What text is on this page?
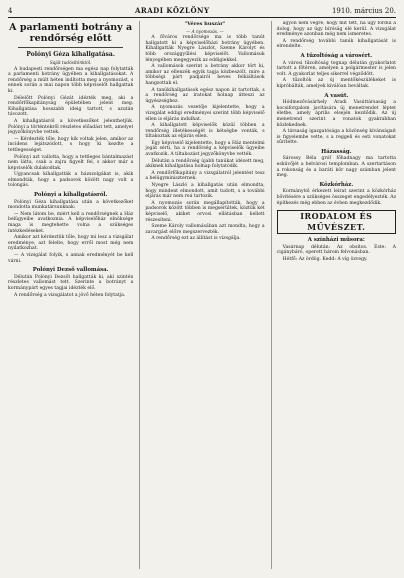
4	ARADI KÖZLÖNY	1910. március 20.
A parlamenti botrány a rendőrség előtt
Polónyi Géza kihallgatása.
Saját tudósítónktól.

A budapesti rendőrségen ma egész nap folytatták a parlamenti botrány ügyében a kihallgatásokat. A rendőrség a múlt héten indította meg a nyomozást, s ennek során a mai napon több képviselőt hallgattak ki.

Délelőtt Polónyi Gézát idézték meg, aki a rendőrfőkapitányság épületében jelent meg. Kihallgatása hosszabb ideig tartott, s azután távozott.

A kihallgatásról a következőket jelenthetjük. Polónyi a történtekről részletes előadást tett, amelyet jegyzőkönyvbe vettek.

— Kérdezték tőle, hogy kik voltak jelen, amikor az incidens lejátszódott, s hogy ki kezdte a tettlegességet.

Polónyi azt vallotta, hogy a tettleges bántalmazást nem látta, csak a zajra figyelt fel, s akkor már a képviselők dulakodtak.

Ugyancsak kihallgatták a házszolgákat is, akik elmondták, hogy a padsorok között nagy volt a tolongás.

Polónyi a kihallgatásról.

Polónyi Géza kihallgatása után a következőket mondotta munkatársunknak:

— Nem látom be, miért kell a rendőrségnek a Ház belügyeibe avatkoznia. A képviselőház elnöksége maga is megtehette volna a szükséges intézkedéseket.

Amikor azt kérdeztük tőle, hogy mi lesz a vizsgálat eredménye, azt felelte, hogy erről most még nem nyilatkozhat.

— A vizsgálat folyik, s annak eredményét be kell várni.

Polónyi Dezső vallomása.

Délután Polónyi Dezsőt hallgatták ki, aki szintén részletes vallomást tett. Szerinte a botrányt a kormánypárt egyes tagjai idézték elő.

A rendőrség a vizsgálatot a jövő héten folytatja.

"Véres huszár"
— A nyomozás. —

A főváros rendőrsége ma is több tanút hallgatott ki a képviselőházi botrány ügyében. Kihallgatták Nyegre Lászlót, Szeme Károlyt és több országgyűlési képviselőt. Vallomásuk lényegében megegyezik az eddigiekkel.

A vallomások szerint a botrány akkor tört ki, amikor az ellenzék egyik tagja közbeszólt, mire a többségi párt padjairól heves felkiáltások hangzottak el.

A tanúkihallgatások egész napon át tartottak, s a rendőrség az iratokat holnap átteszi az ügyészséghez.

A nyomozás vezetője kijelentette, hogy a vizsgálat eddigi eredményei szerint több képviselő ellen is eljárás indulhat.

A kihallgatott képviselők közül többen a rendőrség illetékességét is kétségbe vonták, s tiltakoztak az eljárás ellen.

Egy képviselő kijelentette, hogy a Ház mentelmi jogát sérti, ha a rendőrség a képviselők ügyeibe avatkozik. A tiltakozást jegyzőkönyvbe vették.

Délután a rendőrség újabb tanúkat idézett meg, akiknek kihallgatása holnap folytatódik.

A rendőrfőkapitány a vizsgálatról jelentést tesz a belügyminiszternek.

Nyegre László a kihallgatás után elmondta, hogy mindent elmondott, amit tudott, s a további eljárás már nem reá tartozik.

A nyomozás során megállapították, hogy a padsorok között többen is megsérültek, köztük két képviselő, akiket orvosi ellátásban kellett részesíteni.

Szeme Károly vallomásában azt mondta, hogy a zavargást előre megszervezték.

A rendőrség ezt az állítást is vizsgálja.

agyon nem végre, hogy mit tett, ha úgy fordul a dolog, hogy az ügy bíróság elé kerül. A vizsgálat eredménye azonban még nem ismeretes.

A rendőrség további tanúk kihallgatását is elrendelte.

A tűzoltóság a városért.

A városi tűzoltóság tegnap délután gyakorlatot tartott a főtéren, amelyen a polgármester is jelen volt. A gyakorlat teljes sikerrel végződött.

A tűzoltók az új mentőkészülékeket is kipróbálták, amelyek kiválóan beváltak.

A vasút.

Hódmezővásárhely Aradi Vasúttársaság a kocsiforgalom javítására új menetrendet léptet életbe, amely április elsején kezdődik. Az új menetrend szerint a vonatok gyakrabban közlekednek.

A társaság igazgatósága a közönség kívánságait is figyelembe vette, s a reggeli és esti vonatokat sűrítette.

Házasság.

Sárossy Béla gróf főhadnagy ma tartotta esküvőjét a belvárosi templomban. A szertartáson a rokonság és a baráti kör nagy számban jelent meg.

Közkórház.

Kormánytól érkezett leirat szerint a közkórház bővítésére a szükséges összeget engedélyezték. Az építkezés még ebben az évben megkezdődik.

IRODALOM ÉS MŰVÉSZET.
A színházi műsora:

Vasárnap délután: Az obsitos. Este: A cigánybáró, operett három felvonásban.

Hétfő: Az ördög. Kedd: A víg özvegy.
